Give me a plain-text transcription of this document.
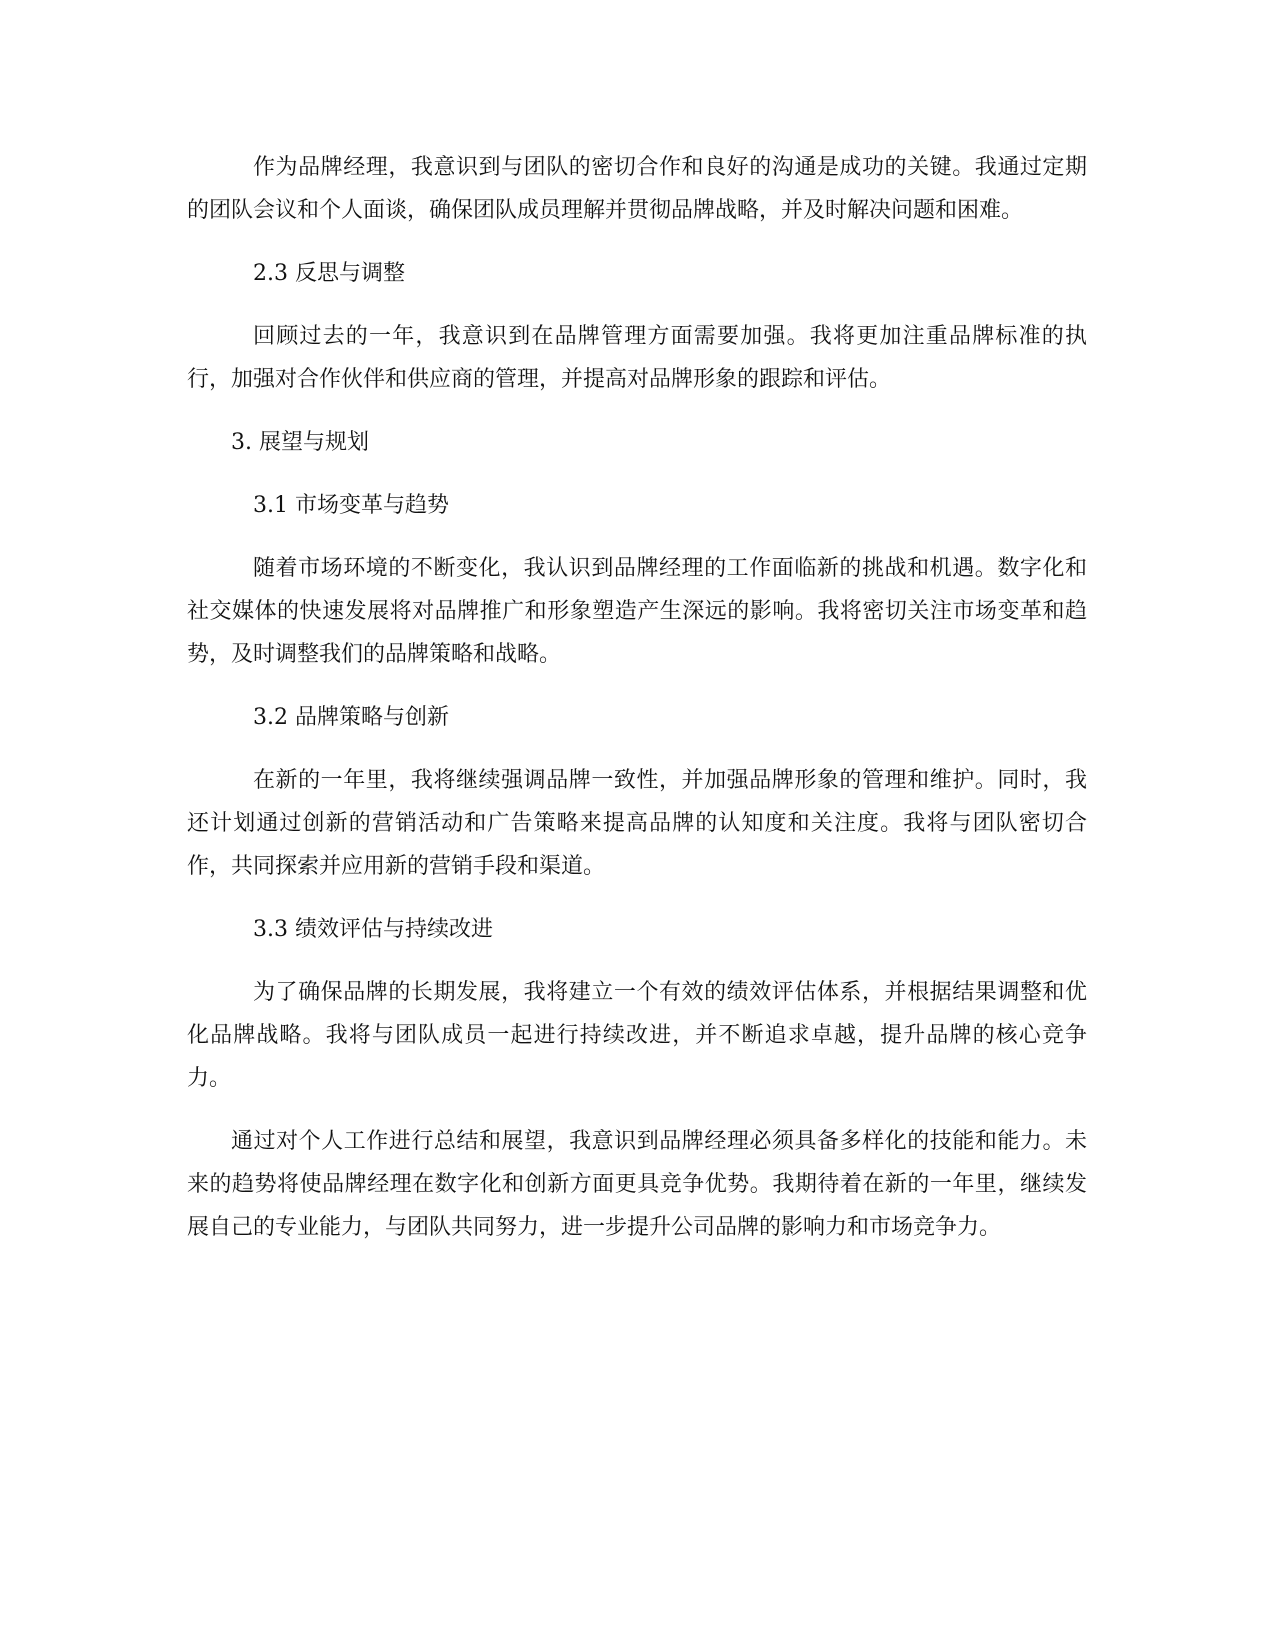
作为品牌经理，我意识到与团队的密切合作和良好的沟通是成功的关键。我通过定期的团队会议和个人面谈，确保团队成员理解并贯彻品牌战略，并及时解决问题和困难。

2.3 反思与调整

回顾过去的一年，我意识到在品牌管理方面需要加强。我将更加注重品牌标准的执行，加强对合作伙伴和供应商的管理，并提高对品牌形象的跟踪和评估。

3. 展望与规划

3.1 市场变革与趋势

随着市场环境的不断变化，我认识到品牌经理的工作面临新的挑战和机遇。数字化和社交媒体的快速发展将对品牌推广和形象塑造产生深远的影响。我将密切关注市场变革和趋势，及时调整我们的品牌策略和战略。

3.2 品牌策略与创新

在新的一年里，我将继续强调品牌一致性，并加强品牌形象的管理和维护。同时，我还计划通过创新的营销活动和广告策略来提高品牌的认知度和关注度。我将与团队密切合作，共同探索并应用新的营销手段和渠道。

3.3 绩效评估与持续改进

为了确保品牌的长期发展，我将建立一个有效的绩效评估体系，并根据结果调整和优化品牌战略。我将与团队成员一起进行持续改进，并不断追求卓越，提升品牌的核心竞争力。

通过对个人工作进行总结和展望，我意识到品牌经理必须具备多样化的技能和能力。未来的趋势将使品牌经理在数字化和创新方面更具竞争优势。我期待着在新的一年里，继续发展自己的专业能力，与团队共同努力，进一步提升公司品牌的影响力和市场竞争力。
